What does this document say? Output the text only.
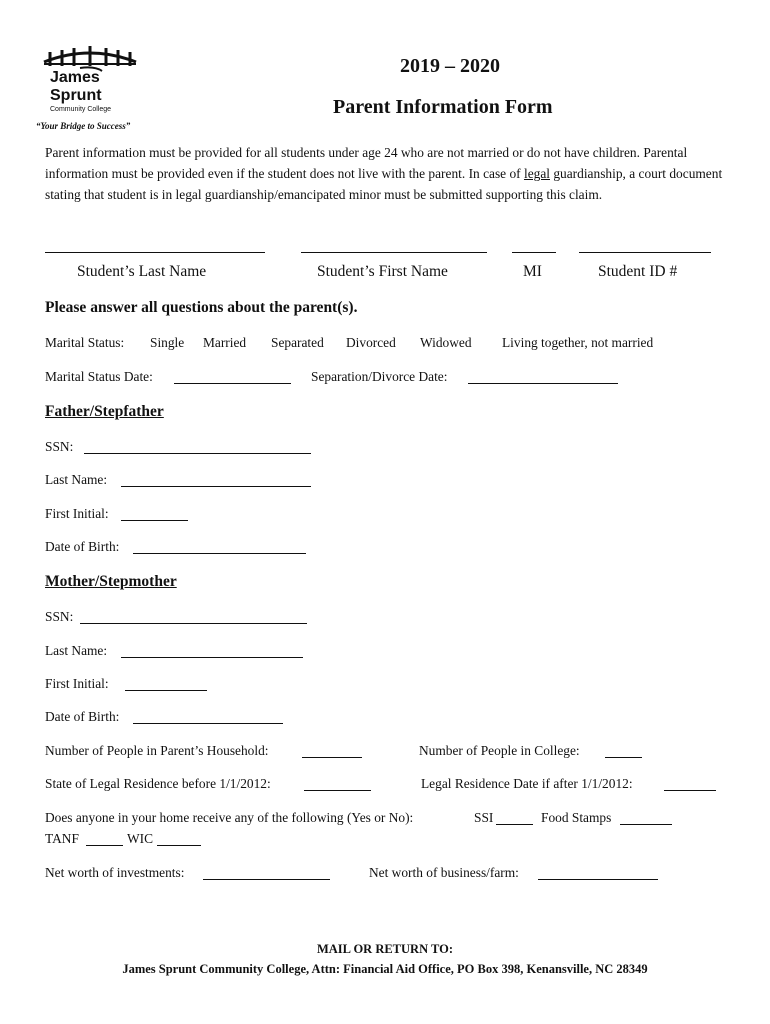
James
Sprunt
Community College
“Your Bridge to Success”
2019 – 2020
Parent Information Form
Parent information must be provided for all students under age 24 who are not married or do not have children. Parental information must be provided even if the student does not live with the parent. In case of legal guardianship, a court document stating that student is in legal guardianship/emancipated minor must be submitted supporting this claim.
Student’s Last Name	Student’s First Name	MI	Student ID #
Please answer all questions about the parent(s).
Marital Status: Single Married Separated Divorced Widowed Living together, not married
Marital Status Date:	Separation/Divorce Date:
Father/Stepfather
SSN:
Last Name:
First Initial:
Date of Birth:
Mother/Stepmother
SSN:
Last Name:
First Initial:
Date of Birth:
Number of People in Parent’s Household:	Number of People in College:
State of Legal Residence before 1/1/2012:	Legal Residence Date if after 1/1/2012:
Does anyone in your home receive any of the following (Yes or No):	SSI	Food Stamps
TANF	WIC
Net worth of investments:	Net worth of business/farm:
MAIL OR RETURN TO:
James Sprunt Community College, Attn: Financial Aid Office, PO Box 398, Kenansville, NC 28349
